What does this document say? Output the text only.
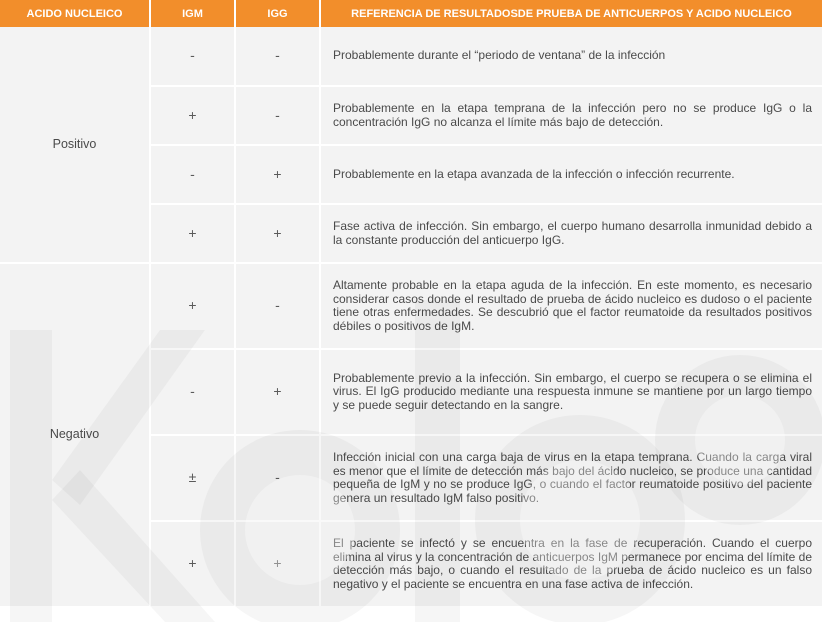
ACIDO NUCLEICO	IGM	IGG	REFERENCIA DE RESULTADOSDE PRUEBA DE ANTICUERPOS Y ACIDO NUCLEICO
Positivo	-	-	Probablemente durante el “periodo de ventana” de la infección
	+	-	Probablemente en la etapa temprana de la infección pero no se produce IgG o la concentración IgG no alcanza el límite más bajo de detección.
	-	+	Probablemente en la etapa avanzada de la infección o infección recurrente.
	+	+	Fase activa de infección. Sin embargo, el cuerpo humano desarrolla inmunidad debido a la constante producción del anticuerpo IgG.
Negativo	+	-	Altamente probable en la etapa aguda de la infección. En este momento, es necesario considerar casos donde el resultado de prueba de ácido nucleico es dudoso o el paciente tiene otras enfermedades. Se descubrió que el factor reumatoide da resultados positivos débiles o positivos de IgM.
	-	+	Probablemente previo a la infección. Sin embargo, el cuerpo se recupera o se elimina el virus. El IgG producido mediante una respuesta inmune se mantiene por un largo tiempo y se puede seguir detectando en la sangre.
	±	-	Infección inicial con una carga baja de virus en la etapa temprana. Cuando la carga viral es menor que el límite de detección más bajo del ácido nucleico, se produce una cantidad pequeña de IgM y no se produce IgG, o cuando el factor reumatoide positivo del paciente genera un resultado IgM falso positivo.
	+	+	El paciente se infectó y se encuentra en la fase de recuperación. Cuando el cuerpo elimina al virus y la concentración de anticuerpos IgM permanece por encima del límite de detección más bajo, o cuando el resultado de la prueba de ácido nucleico es un falso negativo y el paciente se encuentra en una fase activa de infección.
